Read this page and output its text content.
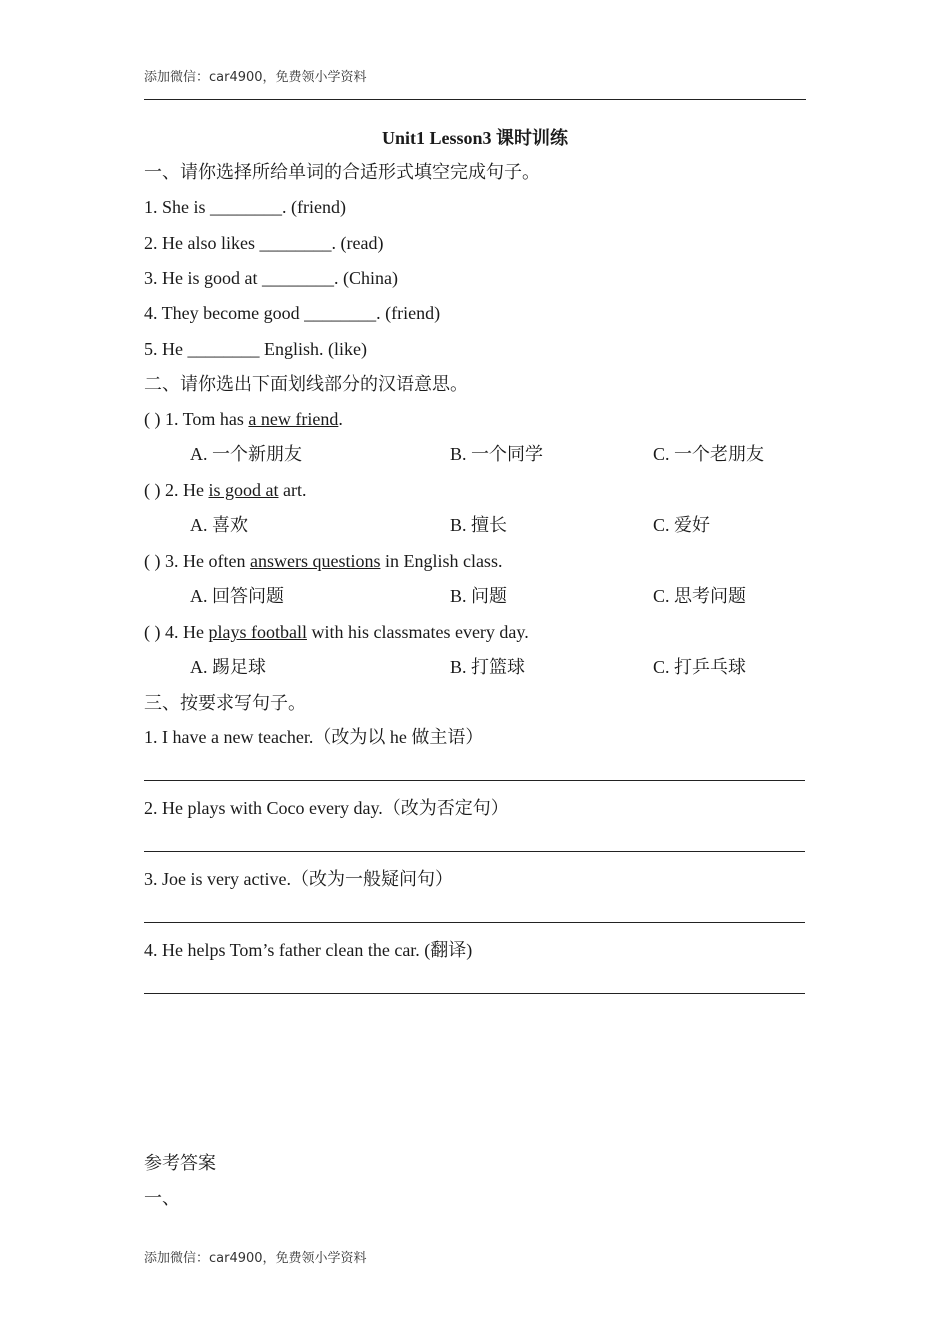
添加微信：car4900，免费领小学资料
Unit1 Lesson3 课时训练
一、请你选择所给单词的合适形式填空完成句子。
1. She is ________. (friend)
2. He also likes ________. (read)
3. He is good at ________. (China)
4. They become good ________. (friend)
5. He ________ English. (like)
二、请你选出下面划线部分的汉语意思。
( ) 1. Tom has a new friend.
A. 一个新朋友	B. 一个同学	C. 一个老朋友
( ) 2. He is good at art.
A. 喜欢	B. 擅长	C. 爱好
( ) 3. He often answers questions in English class.
A. 回答问题	B. 问题	C. 思考问题
( ) 4. He plays football with his classmates every day.
A. 踢足球	B. 打篮球	C. 打乒乓球
三、按要求写句子。
1. I have a new teacher.（改为以 he 做主语）
2. He plays with Coco every day.（改为否定句）
3. Joe is very active.（改为一般疑问句）
4. He helps Tom’s father clean the car. (翻译)
参考答案
一、
添加微信：car4900，免费领小学资料
